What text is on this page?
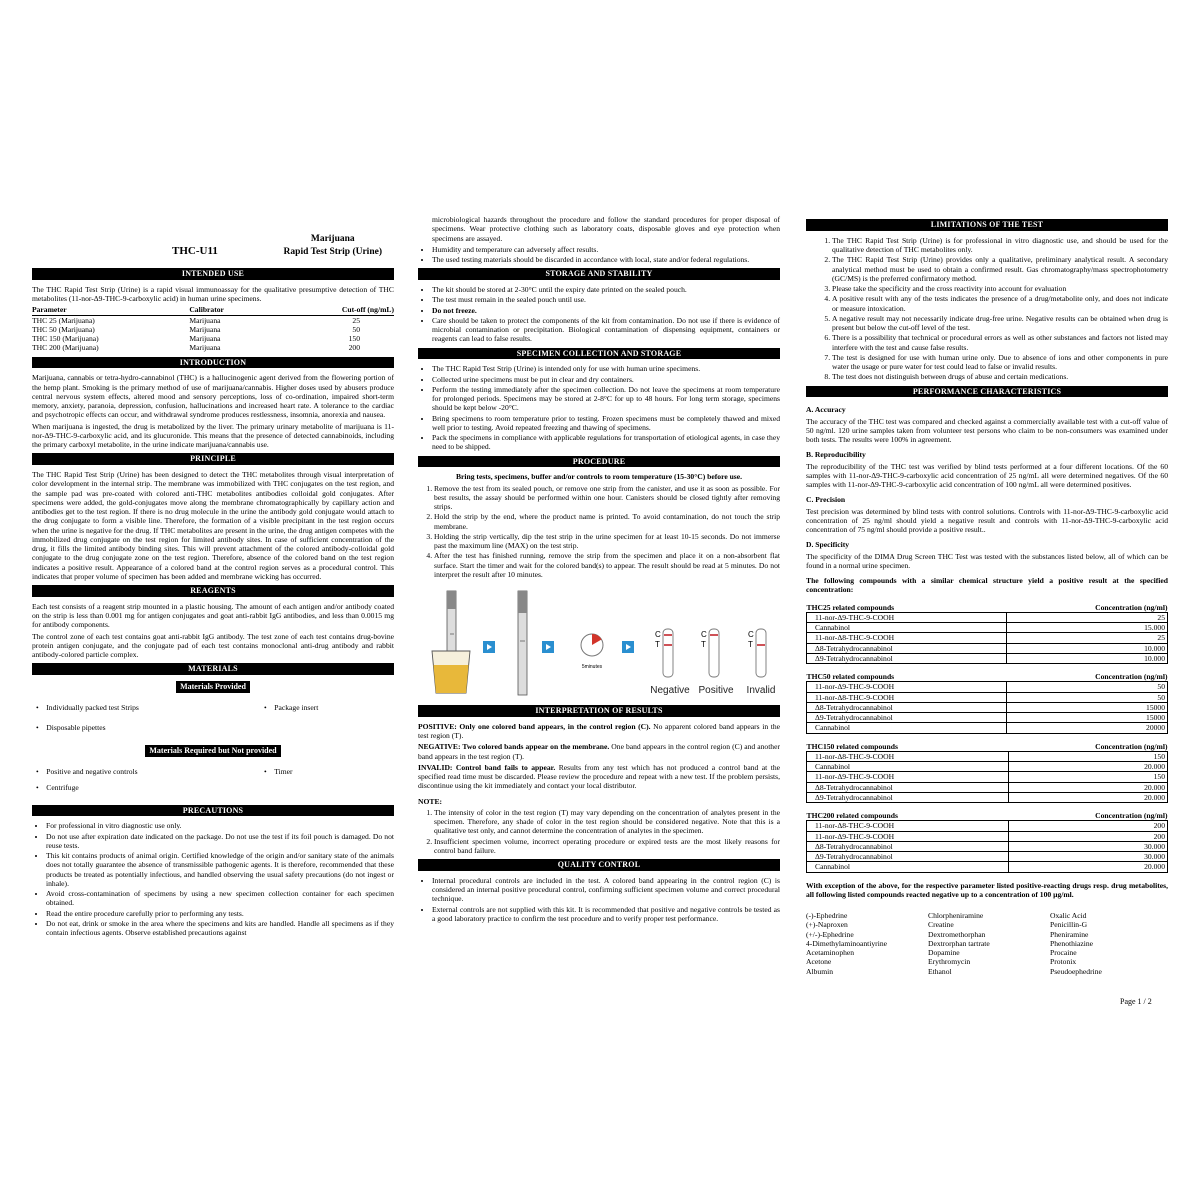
THC-U11
Marijuana
Rapid Test Strip (Urine)
INTENDED USE

The THC Rapid Test Strip (Urine) is a rapid visual immunoassay for the qualitative presumptive detection of THC metabolites (11-nor-Δ9-THC-9-carboxylic acid) in human urine specimens.

Parameter	Calibrator	Cut-off (ng/mL)
THC 25 (Marijuana)	Marijuana	25
THC 50 (Marijuana)	Marijuana	50
THC 150 (Marijuana)	Marijuana	150
THC 200 (Marijuana)	Marijuana	200
INTRODUCTION

Marijuana, cannabis or tetra-hydro-cannabinol (THC) is a hallucinogenic agent derived from the flowering portion of the hemp plant. Smoking is the primary method of use of marijuana/cannabis. Higher doses used by abusers produce central nervous system effects, altered mood and sensory perceptions, loss of co-ordination, impaired short-term memory, anxiety, paranoia, depression, confusion, hallucinations and increased heart rate. A tolerance to the cardiac and psychotropic effects can occur, and withdrawal syndrome produces restlessness, insomnia, anorexia and nausea.

When marijuana is ingested, the drug is metabolized by the liver. The primary urinary metabolite of marijuana is 11-nor-Δ9-THC-9-carboxylic acid, and its glucuronide. This means that the presence of detected cannabinoids, including the primary carboxyl metabolite, in the urine indicate marijuana/cannabis use.

PRINCIPLE

The THC Rapid Test Strip (Urine) has been designed to detect the THC metabolites through visual interpretation of color development in the internal strip. The membrane was immobilized with THC conjugates on the test region, and the sample pad was pre-coated with colored anti-THC metabolites antibodies colloidal gold conjugates. After specimens were added, the gold-conjugates move along the membrane chromatographically by capillary action and antibodies get to the test region. If there is no drug molecule in the urine the antibody gold conjugate would attach to the drug conjugate to form a visible line. Therefore, the formation of a visible precipitant in the test region occurs when the urine is negative for the drug. If THC metabolites are present in the urine, the drug antigen competes with the immobilized drug conjugate on the test region for limited antibody sites. In case of sufficient concentration of the drug, it fills the limited antibody binding sites. This will prevent attachment of the colored antibody-colloidal gold conjugate to the drug conjugate zone on the test region. Therefore, absence of the colored band on the test region indicates a positive result. Appearance of a colored band at the control region serves as a procedural control. This indicates that proper volume of specimen has been added and membrane wicking has occurred.

REAGENTS

Each test consists of a reagent strip mounted in a plastic housing. The amount of each antigen and/or antibody coated on the strip is less than 0.001 mg for antigen conjugates and goat anti-rabbit IgG antibodies, and less than 0.0015 mg for antibody components.

The control zone of each test contains goat anti-rabbit IgG antibody. The test zone of each test contains drug-bovine protein antigen conjugate, and the conjugate pad of each test contains monoclonal anti-drug antibody and rabbit antibody-colored particle complex.

MATERIALS
Materials Provided
•    Individually packed test Strips	•    Package insert
•    Disposable pipettes
Materials Required but Not provided
•    Positive and negative controls	•    Timer
•    Centrifuge
PRECAUTIONS
• For professional in vitro diagnostic use only.
• Do not use after expiration date indicated on the package. Do not use the test if its foil pouch is damaged. Do not reuse tests.
• This kit contains products of animal origin. Certified knowledge of the origin and/or sanitary state of the animals does not totally guarantee the absence of transmissible pathogenic agents. It is therefore, recommended that these products be treated as potentially infectious, and handled observing the usual safety precautions (do not ingest or inhale).
• Avoid cross-contamination of specimens by using a new specimen collection container for each specimen obtained.
• Read the entire procedure carefully prior to performing any tests.
• Do not eat, drink or smoke in the area where the specimens and kits are handled. Handle all specimens as if they contain infectious agents. Observe established precautions against

microbiological hazards throughout the procedure and follow the standard procedures for proper disposal of specimens. Wear protective clothing such as laboratory coats, disposable gloves and eye protection when specimens are assayed.

• Humidity and temperature can adversely affect results.
• The used testing materials should be discarded in accordance with local, state and/or federal regulations.
STORAGE AND STABILITY
• The kit should be stored at 2-30°C until the expiry date printed on the sealed pouch.
• The test must remain in the sealed pouch until use.
• Do not freeze.
• Care should be taken to protect the components of the kit from contamination. Do not use if there is evidence of microbial contamination or precipitation. Biological contamination of dispensing equipment, containers or reagents can lead to false results.
SPECIMEN COLLECTION AND STORAGE
• The THC Rapid Test Strip (Urine) is intended only for use with human urine specimens.
• Collected urine specimens must be put in clear and dry containers.
• Perform the testing immediately after the specimen collection. Do not leave the specimens at room temperature for prolonged periods. Specimens may be stored at 2-8°C for up to 48 hours. For long term storage, specimens should be kept below -20°C.
• Bring specimens to room temperature prior to testing. Frozen specimens must be completely thawed and mixed well prior to testing. Avoid repeated freezing and thawing of specimens.
• Pack the specimens in compliance with applicable regulations for transportation of etiological agents, in case they need to be shipped.
PROCEDURE

Bring tests, specimens, buffer and/or controls to room temperature (15-30°C) before use.

1. Remove the test from its sealed pouch, or remove one strip from the canister, and use it as soon as possible. For best results, the assay should be performed within one hour. Canisters should be closed tightly after removing strips.
2. Hold the strip by the end, where the product name is printed. To avoid contamination, do not touch the strip membrane.
3. Holding the strip vertically, dip the test strip in the urine specimen for at least 10-15 seconds. Do not immerse past the maximum line (MAX) on the test strip.
4. After the test has finished running, remove the strip from the specimen and place it on a non-absorbent flat surface. Start the timer and wait for the colored band(s) to appear. The result should be read at 5 minutes. Do not interpret the result after 10 minutes.
5minutes
C
T
C
T
C
T
Negative Positive Invalid
INTERPRETATION OF RESULTS

POSITIVE: Only one colored band appears, in the control region (C). No apparent colored band appears in the test region (T).

NEGATIVE: Two colored bands appear on the membrane. One band appears in the control region (C) and another band appears in the test region (T).

INVALID: Control band fails to appear. Results from any test which has not produced a control band at the specified read time must be discarded. Please review the procedure and repeat with a new test. If the problem persists, discontinue using the kit immediately and contact your local distributor.

NOTE:

1. The intensity of color in the test region (T) may vary depending on the concentration of analytes present in the specimen. Therefore, any shade of color in the test region should be considered negative. Note that this is a qualitative test only, and cannot determine the concentration of analytes in the specimen.
2. Insufficient specimen volume, incorrect operating procedure or expired tests are the most likely reasons for control band failure.
QUALITY CONTROL
• Internal procedural controls are included in the test. A colored band appearing in the control region (C) is considered an internal positive procedural control, confirming sufficient specimen volume and correct procedural technique.
• External controls are not supplied with this kit. It is recommended that positive and negative controls be tested as a good laboratory practice to confirm the test procedure and to verify proper test performance.
LIMITATIONS OF THE TEST
1. The THC Rapid Test Strip (Urine) is for professional in vitro diagnostic use, and should be used for the qualitative detection of THC metabolites only.
2. The THC Rapid Test Strip (Urine) provides only a qualitative, preliminary analytical result. A secondary analytical method must be used to obtain a confirmed result. Gas chromatography/mass spectrophotometry (GC/MS) is the preferred confirmatory method.
3. Please take the specificity and the cross reactivity into account for evaluation
4. A positive result with any of the tests indicates the presence of a drug/metabolite only, and does not indicate or measure intoxication.
5. A negative result may not necessarily indicate drug-free urine. Negative results can be obtained when drug is present but below the cut-off level of the test.
6. There is a possibility that technical or procedural errors as well as other substances and factors not listed may interfere with the test and cause false results.
7. The test is designed for use with human urine only. Due to absence of ions and other components in pure water the usage or pure water for test could lead to false or invalid results.
8. The test does not distinguish between drugs of abuse and certain medications.
PERFORMANCE CHARACTERISTICS

A. Accuracy

The accuracy of the THC test was compared and checked against a commercially available test with a cut-off value of 50 ng/ml. 120 urine samples taken from volunteer test persons who claim to be non-consumers was examined under both tests. The results were 100% in agreement.

B. Reproducibility

The reproducibility of the THC test was verified by blind tests performed at a four different locations. Of the 60 samples with 11-nor-Δ9-THC-9-carboxylic acid concentration of 25 ng/mL all were determined negatives. Of the 60 samples with 11-nor-Δ9-THC-9-carboxylic acid concentration of 100 ng/mL all were determined positives.

C. Precision

Test precision was determined by blind tests with control solutions. Controls with 11-nor-Δ9-THC-9-carboxylic acid concentration of 25 ng/ml should yield a negative result and controls with 11-nor-Δ9-THC-9-carboxylic acid concentration of 75 ng/ml should provide a positive result..

D. Specificity

The specificity of the DIMA Drug Screen THC Test was tested with the substances listed below, all of which can be found in a normal urine specimen.

The following compounds with a similar chemical structure yield a positive result at the specified concentration:

THC25 related compounds	Concentration (ng/ml)
11-nor-Δ9-THC-9-COOH	25
Cannabinol	15.000
11-nor-Δ8-THC-9-COOH	25
Δ8-Tetrahydrocannabinol	10.000
Δ9-Tetrahydrocannabinol	10.000
THC50 related compounds	Concentration (ng/ml)
11-nor-Δ9-THC-9-COOH	50
11-nor-Δ8-THC-9-COOH	50
Δ8-Tetrahydrocannabinol	15000
Δ9-Tetrahydrocannabinol	15000
Cannabinol	20000
THC150 related compounds	Concentration (ng/ml)
11-nor-Δ8-THC-9-COOH	150
Cannabinol	20.000
11-nor-Δ9-THC-9-COOH	150
Δ8-Tetrahydrocannabinol	20.000
Δ9-Tetrahydrocannabinol	20.000
THC200 related compounds	Concentration (ng/ml)
11-nor-Δ8-THC-9-COOH	200
11-nor-Δ9-THC-9-COOH	200
Δ8-Tetrahydrocannabinol	30.000
Δ9-Tetrahydrocannabinol	30.000
Cannabinol	20.000

With exception of the above, for the respective parameter listed positive-reacting drugs resp. drug metabolites, all following listed compounds reacted negative up to a concentration of 100 µg/ml.

(-)-Ephedrine
(+)-Naproxen
(+/-)-Ephedrine
4-Dimethylaminoantiyrine
Acetaminophen
Acetone
Albumin
Chlorpheniramine
Creatine
Dextromethorphan
Dextrorphan tartrate
Dopamine
Erythromycin
Ethanol
Oxalic Acid
Penicillin-G
Pheniramine
Phenothiazine
Procaine
Protonix
Pseudoephedrine
Page 1 / 2
